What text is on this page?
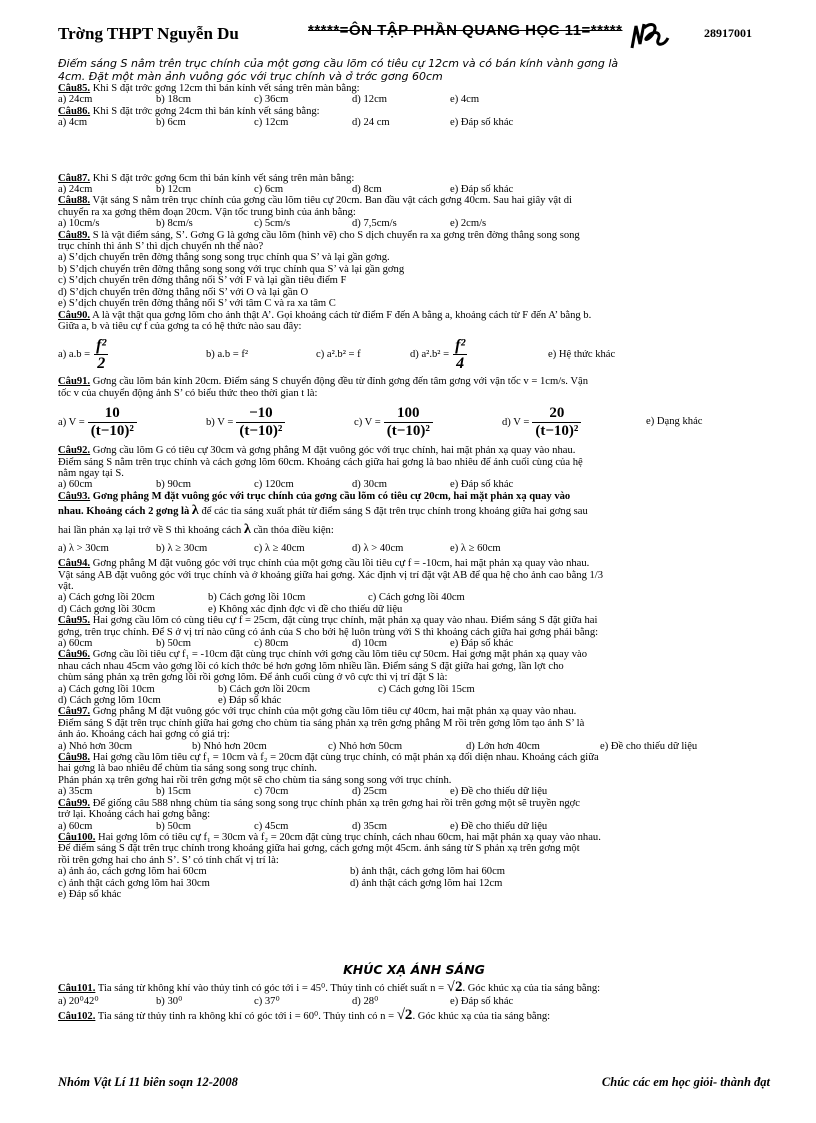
Trờng THPT Nguyễn Du	*****=ÔN TẬP PHẦN QUANG HỌC 11=*****	28917001

Điểm sáng S nằm trên trục chính của một gơng cầu lõm có tiêu cự 12cm và có bán kính vành gơng là

4cm. Đặt một màn ảnh vuông góc với trục chính và ở trớc gơng 60cm

Câu85. Khi S đặt trớc gơng 12cm thì bán kính vết sáng trên màn bằng:

a) 24cm	b) 18cm	c) 36cm	d) 12cm	e) 4cm

Câu86. Khi S đặt trớc gơng 24cm thì bán kính vết sáng bằng:

a) 4cm	b) 6cm	c) 12cm	d) 24 cm	e) Đáp số khác

Câu87. Khi S đặt trớc gơng 6cm thì bán kính vết sáng trên màn bằng:

a) 24cm	b) 12cm	c) 6cm	d) 8cm	e) Đáp số khác

Câu88. Vật sáng S nằm trên trục chính của gơng cầu lõm tiêu cự 20cm. Ban đầu vật cách gơng 40cm. Sau hai giây vật di

chuyển ra xa gơng thêm đoạn 20cm. Vận tốc trung bình của ảnh bằng:

a) 10cm/s	b) 8cm/s	c) 5cm/s	d) 7,5cm/s	e) 2cm/s

Câu89. S là vật điểm sáng, S’. Gơng G là gơng cầu lõm (hình vẽ) cho S dịch chuyển ra xa gơng trên đờng thẳng song song

trục chính thì ảnh S’ thì dịch chuyển nh thế nào?

a) S’dịch chuyển trên đờng thẳng song song trục chính qua S’ và lại gần gơng.

b) S’dịch chuyển trên đờng thẳng song song với trục chính qua S’ và lại gần gơng

c) S’dịch chuyển trên đờng thẳng nối S’ với F và lại gần tiêu điểm F

d) S’dịch chuyển trên đờng thẳng nối S’ với O và lại gần O

e) S’dịch chuyển trên đờng thẳng nối S’ với tâm C và ra xa tâm C

Câu90. A là vật thật qua gơng lõm cho ảnh thật A’. Gọi khoảng cách từ điểm F đến A bằng a, khoảng cách từ F đến A’ bằng b.

Giữa a, b và tiêu cự f của gơng ta có hệ thức nào sau đây:

a) $a.b = \frac{\text{f²}}{2}$	b) a.b = f²	c) a².b² = f	d) $a^2.b^2 = \frac{\text{f²}}{4}$	e) Hệ thức khác

Câu91. Gơng cầu lõm bán kính 20cm. Điểm sáng S chuyển động đều từ đỉnh gơng đến tâm gơng với vận tốc v = 1cm/s. Vận

tốc v của chuyển động ảnh S’ có biểu thức theo thời gian t là:

a) $V = \frac{10}{\text{(t−10)²}}$	b) $V = \frac{-10}{\text{(t−10)²}}$	c) $V = \frac{100}{\text{(t−10)²}}$	d) $V = \frac{20}{\text{(t−10)²}}$	e) Dạng khác

Câu92. Gơng cầu lõm G có tiêu cự 30cm và gơng phẳng M đặt vuông góc với trục chính, hai mặt phản xạ quay vào nhau.

Điểm sáng S nằm trên trục chính và cách gơng lõm 60cm. Khoảng cách giữa hai gơng là bao nhiêu để ảnh cuối cùng của hệ

nằm ngay tại S.

a) 60cm	b) 90cm	c) 120cm	d) 30cm	e) Đáp số khác

Câu93. Gơng phẳng M đặt vuông góc với trục chính của gơng cầu lõm có tiêu cự 20cm, hai mặt phản xạ quay vào

nhau. Khoảng cách 2 gơng là λ để các tia sáng xuất phát từ điểm sáng S đặt trên trục chính trong khoảng giữa hai gơng sau

hai lần phản xạ lại trở về S thì khoảng cách λ cần thỏa điều kiện:

a) λ > 30cm	b) λ ≥ 30cm	c) λ ≥ 40cm	d) λ > 40cm	e) λ ≥ 60cm

Câu94. Gơng phẳng M đặt vuông góc với trục chính của một gơng cầu lồi tiêu cự f = -10cm, hai mặt phản xạ quay vào nhau.

Vật sáng AB đặt vuông góc với trục chính và ở khoảng giữa hai gơng. Xác định vị trí đặt vật AB để qua hệ cho ảnh cao bằng 1/3

vật.

a) Cách gơng lồi 20cm	b) Cách gơng lồi 10cm	c) Cách gơng lồi 40cm
d) Cách gơng lồi 30cm	e) Không xác định đợc vì đề cho thiếu dữ liệu

Câu95. Hai gơng cầu lõm có cùng tiêu cự f = 25cm, đặt cùng trục chính, mặt phản xạ quay vào nhau. Điểm sáng S đặt giữa hai

gơng, trên trục chính. Để S ở vị trí nào cũng có ảnh của S cho bởi hệ luôn trùng với S thì khoảng cách giữa hai gơng phải bằng:

a) 60cm	b) 50cm	c) 80cm	d) 10cm	e) Đáp số khác

Câu96. Gơng cầu lồi tiêu cự f₁ = -10cm đặt cùng trục chính với gơng cầu lõm tiêu cự 50cm. Hai gơng mặt phản xạ quay vào

nhau cách nhau 45cm vào gơng lồi có kích thớc bé hơn gơng lõm nhiều lần. Điểm sáng S đặt giữa hai gơng, lần lợt cho

chùm sáng phản xạ trên gơng lồi rồi gơng lõm. Để ảnh cuối cùng ở vô cực thì vị trí đặt S là:

a) Cách gơng lồi 10cm	b) Cách gơn lồi 20cm	c) Cách gơng lồi 15cm
d) Cách gơng lõm 10cm	e) Đáp số khác

Câu97. Gơng phẳng M đặt vuông góc với trục chính của một gơng cầu lõm tiêu cự 40cm, hai mặt phản xạ quay vào nhau.

Điểm sáng S đặt trên trục chính giữa hai gơng cho chùm tia sáng phản xạ trên gơng phẳng M rồi trên gơng lõm tạo ảnh S’ là

ảnh ảo. Khoảng cách hai gơng có giá trị:

a) Nhỏ hơn 30cm	b) Nhỏ hơn 20cm	c) Nhỏ hơn 50cm	d) Lớn hơn 40cm	e) Đề cho thiếu dữ liệu

Câu98. Hai gơng cầu lõm tiêu cự f₁ = 10cm và f₂ = 20cm đặt cùng trục chính, có mặt phản xạ đối diện nhau. Khoảng cách giữa

hai gơng là bao nhiêu để chùm tia sáng song song trục chính.

Phản phản xạ trên gơng hai rồi trên gơng một sẽ cho chùm tia sáng song song với trục chính.

a) 35cm	b) 15cm	c) 70cm	d) 25cm	e) Đề cho thiếu dữ liệu

Câu99. Để giống câu 588 nhng chùm tia sáng song song trục chính phản xạ trên gơng hai rồi trên gơng một sẽ truyền ngợc

trở lại. Khoảng cách hai gơng bằng:

a) 60cm	b) 50cm	c) 45cm	d) 35cm	e) Đề cho thiếu dữ liệu

Câu100. Hai gơng lõm có tiêu cự f₁ = 30cm và f₂ = 20cm đặt cùng trục chính, cách nhau 60cm, hai mặt phản xạ quay vào nhau.

Để điểm sáng S đặt trên trục chính trong khoảng giữa hai gơng, cách gơng một 45cm. ánh sáng từ S phản xạ trên gơng một

rồi trên gơng hai cho ảnh S’. S’ có tính chất vị trí là:

a) ảnh ảo, cách gơng lõm hai 60cm	b) ảnh thật, cách gơng lõm hai 60cm
c) ảnh thật cách gơng lõm hai 30cm	d) ảnh thật cách gơng lõm hai 12cm
e) Đáp số khác
KHÚC XẠ ÁNH SÁNG

Câu101. Tia sáng từ không khí vào thủy tinh có góc tới i = 45⁰. Thủy tinh có chiết suất n = √2. Góc khúc xạ của tia sáng bằng:

a) 20⁰42⁰	b) 30⁰	c) 37⁰	d) 28⁰	e) Đáp số khác

Câu102. Tia sáng từ thủy tinh ra không khí có góc tới i = 60⁰. Thủy tinh có n = √2. Góc khúc xạ của tia sáng bằng:

Nhóm Vật Lí 11 biên soạn 12-2008	Chúc các em học giỏi- thành đạt
